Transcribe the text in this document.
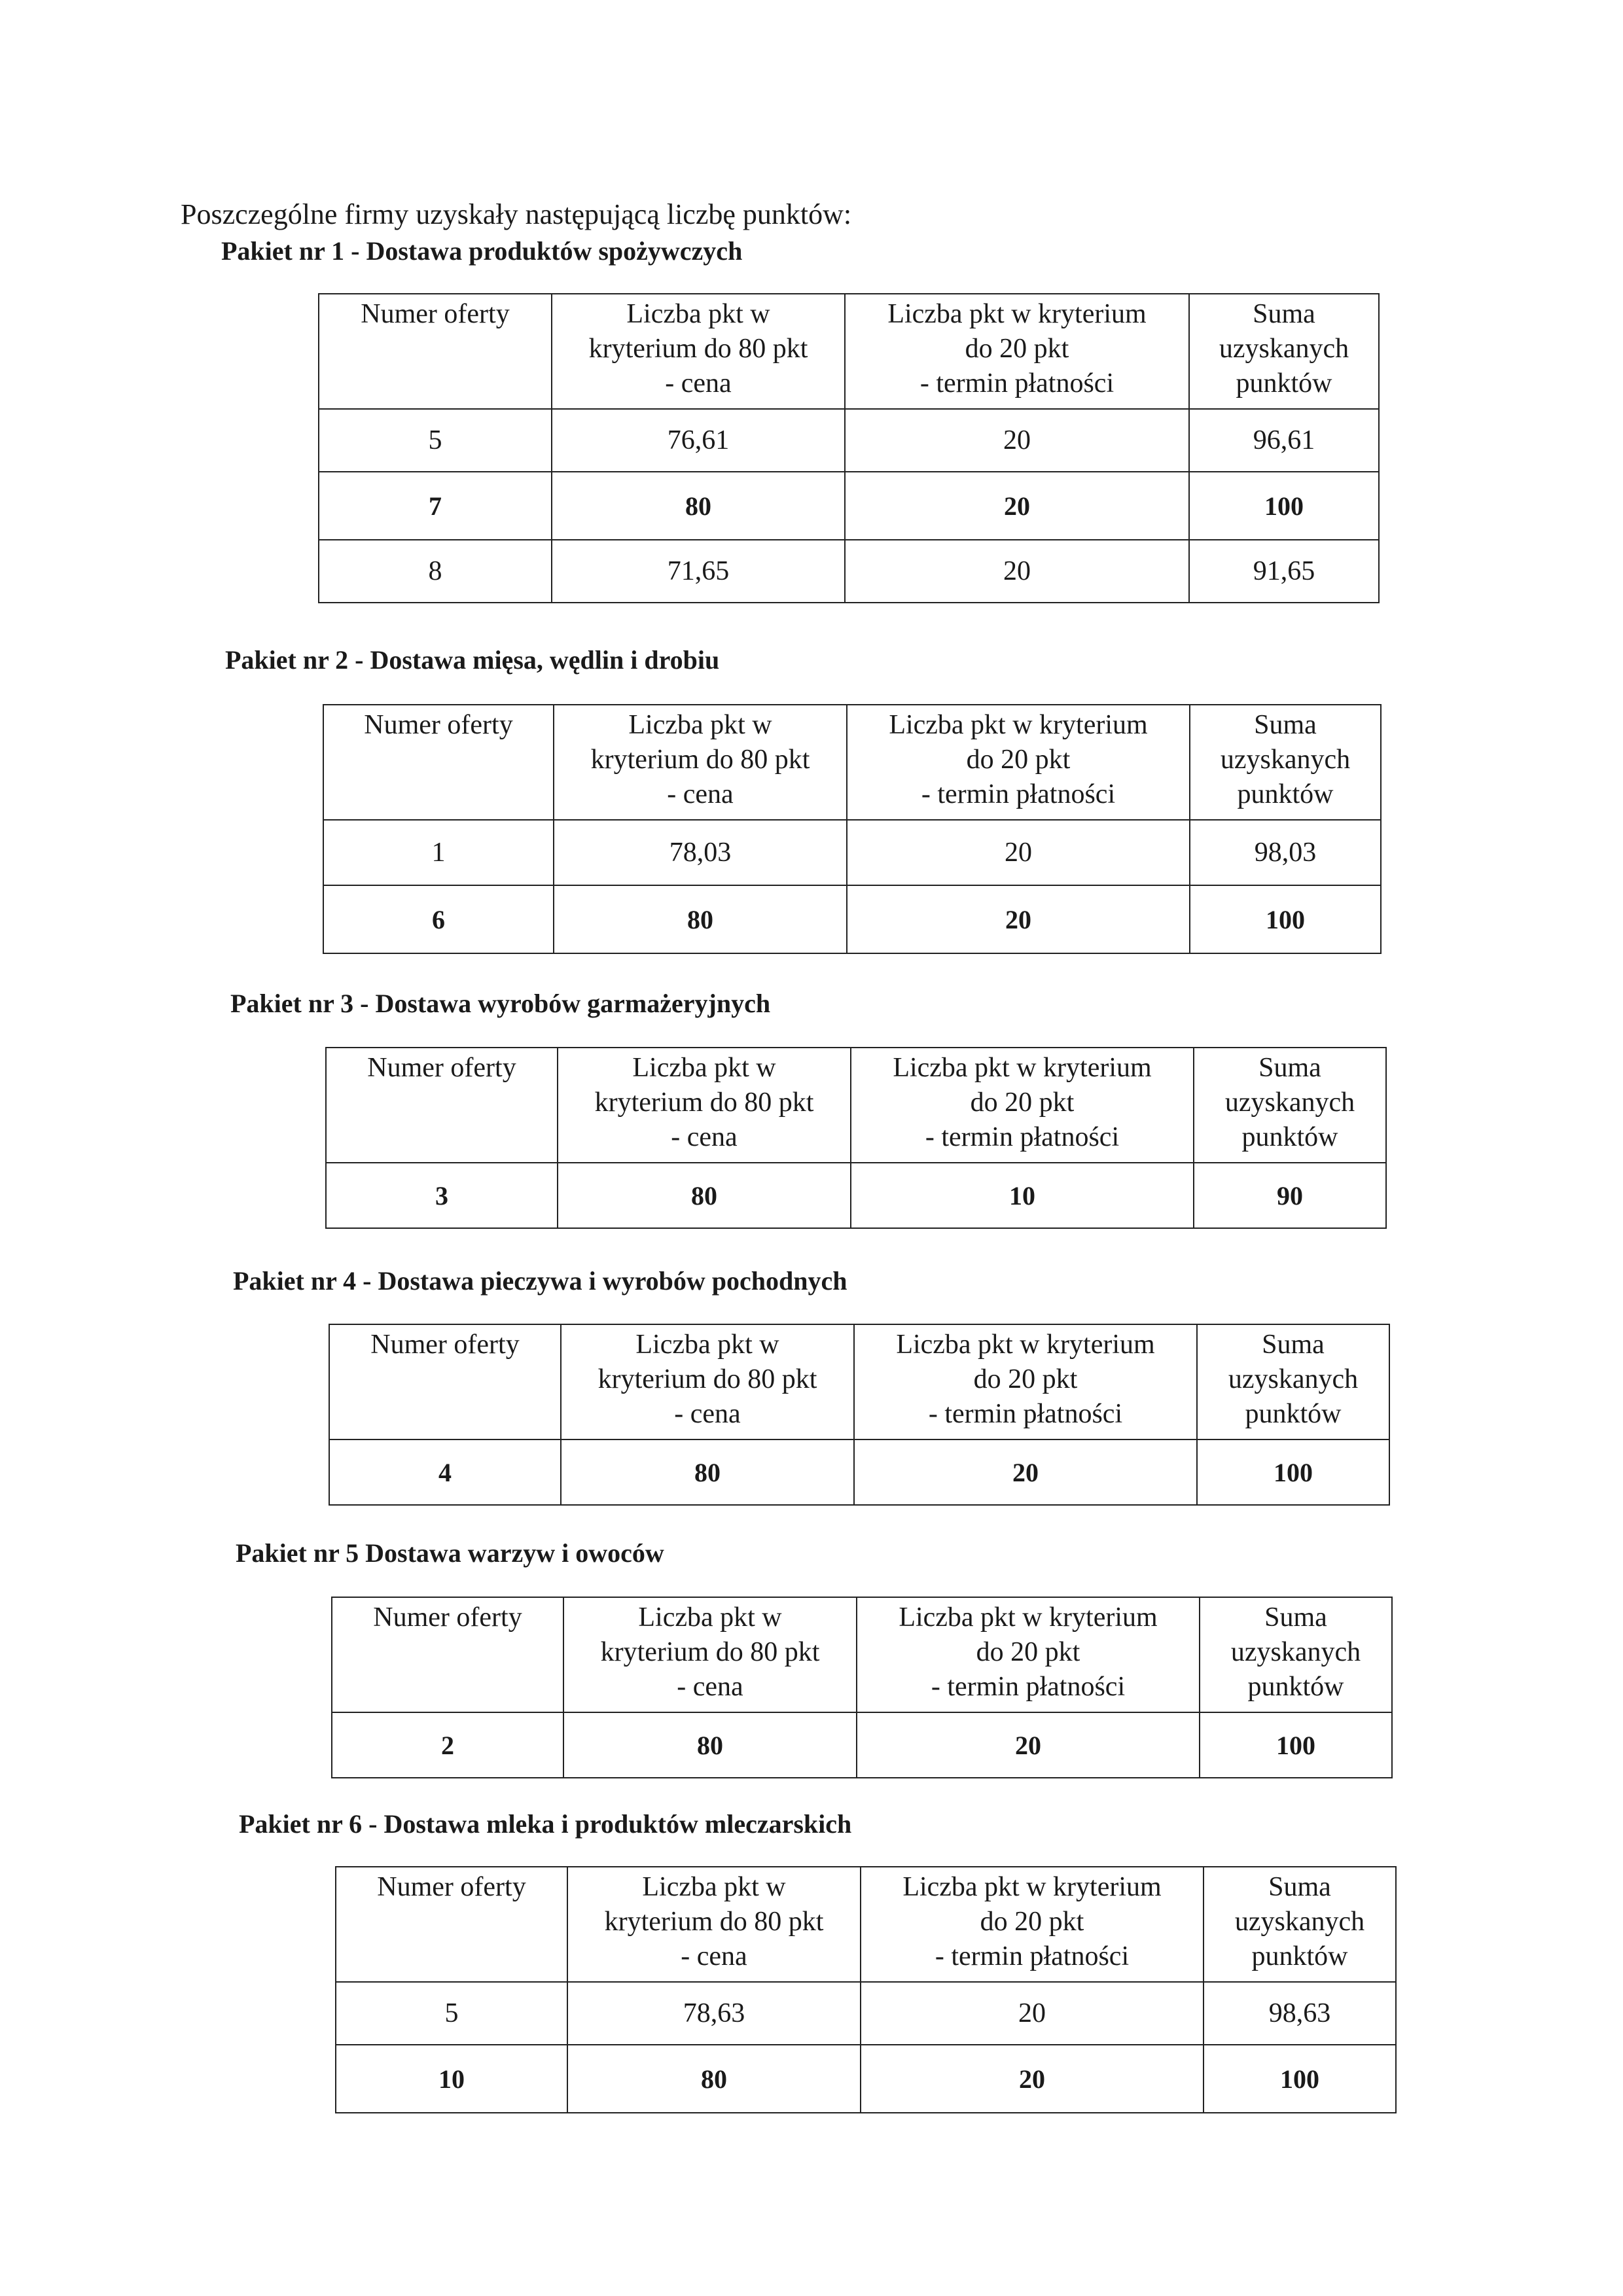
Poszczególne firmy uzyskały następującą liczbę punktów:
Pakiet nr 1 - Dostawa produktów spożywczych
Numer oferty	Liczba pkt w
kryterium do 80 pkt
- cena	Liczba pkt w kryterium
do 20 pkt
- termin płatności	Suma
uzyskanych
punktów

5	76,61	20	96,61
7	80	20	100
8	71,65	20	91,65
Pakiet nr 2 - Dostawa mięsa, wędlin i drobiu
Numer oferty	Liczba pkt w
kryterium do 80 pkt
- cena	Liczba pkt w kryterium
do 20 pkt
- termin płatności	Suma
uzyskanych
punktów

1	78,03	20	98,03
6	80	20	100
Pakiet nr 3 - Dostawa wyrobów garmażeryjnych
Numer oferty	Liczba pkt w
kryterium do 80 pkt
- cena	Liczba pkt w kryterium
do 20 pkt
- termin płatności	Suma
uzyskanych
punktów

3	80	10	90
Pakiet nr 4 - Dostawa pieczywa i wyrobów pochodnych
Numer oferty	Liczba pkt w
kryterium do 80 pkt
- cena	Liczba pkt w kryterium
do 20 pkt
- termin płatności	Suma
uzyskanych
punktów

4	80	20	100
Pakiet nr 5 Dostawa warzyw i owoców
Numer oferty	Liczba pkt w
kryterium do 80 pkt
- cena	Liczba pkt w kryterium
do 20 pkt
- termin płatności	Suma
uzyskanych
punktów

2	80	20	100
Pakiet nr 6 - Dostawa mleka i produktów mleczarskich
Numer oferty	Liczba pkt w
kryterium do 80 pkt
- cena	Liczba pkt w kryterium
do 20 pkt
- termin płatności	Suma
uzyskanych
punktów

5	78,63	20	98,63
10	80	20	100
